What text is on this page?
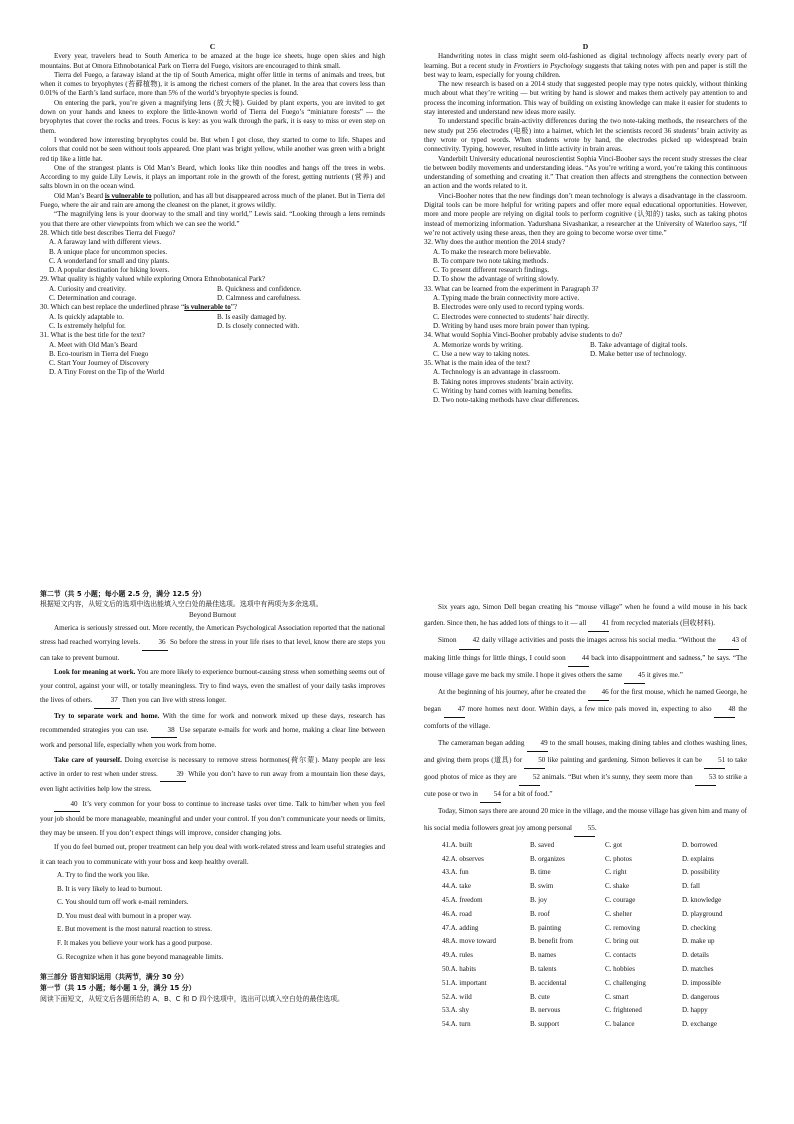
C

Every year, travelers head to South America to be amazed at the huge ice sheets, huge open skies and high mountains. But at Omora Ethnobotanical Park on Tierra del Fuego, visitors are encouraged to think small.

Tierra del Fuego, a faraway island at the tip of South America, might offer little in terms of animals and trees, but when it comes to bryophytes (苔藓植物), it is among the richest corners of the planet. In the area that covers less than 0.01% of the Earth’s land surface, more than 5% of the world’s bryophyte species is found.

On entering the park, you’re given a magnifying lens (放大镜). Guided by plant experts, you are invited to get down on your hands and knees to explore the little-known world of Tierra del Fuego’s “miniature forests” — the bryophytes that cover the rocks and trees. Focus is key: as you walk through the park, it is easy to miss or even step on them.

I wondered how interesting bryophytes could be. But when I got close, they started to come to life. Shapes and colors that could not be seen without tools appeared. One plant was bright yellow, while another was green with a bright red tip like a little hat.

One of the strangest plants is Old Man’s Beard, which looks like thin noodles and hangs off the trees in webs. According to my guide Lily Lewis, it plays an important role in the growth of the forest, getting nutrients (营养) and salts blown in on the ocean wind.

Old Man’s Beard is vulnerable to pollution, and has all but disappeared across much of the planet. But in Tierra del Fuego, where the air and rain are among the cleanest on the planet, it grows wildly.

“The magnifying lens is your doorway to the small and tiny world,” Lewis said. “Looking through a lens reminds you that there are other viewpoints from which we can see the world.”

28. Which title best describes Tierra del Fuego?
A. A faraway land with different views.
B. A unique place for uncommon species.
C. A wonderland for small and tiny plants.
D. A popular destination for hiking lovers.
29. What quality is highly valued while exploring Omora Ethnobotanical Park?
A. Curiosity and creativity.	B. Quickness and confidence.
C. Determination and courage.	D. Calmness and carefulness.
30. Which can best replace the underlined phrase “is vulnerable to”?
A. Is quickly adaptable to.	B. Is easily damaged by.
C. Is extremely helpful for.	D. Is closely connected with.
31. What is the best title for the text?
A. Meet with Old Man’s Beard
B. Eco-tourism in Tierra del Fuego
C. Start Your Journey of Discovery
D. A Tiny Forest on the Tip of the World
D

Handwriting notes in class might seem old-fashioned as digital technology affects nearly every part of learning. But a recent study in Frontiers in Psychology suggests that taking notes with pen and paper is still the best way to learn, especially for young children.

The new research is based on a 2014 study that suggested people may type notes quickly, without thinking much about what they’re writing — but writing by hand is slower and makes them actively pay attention to and process the incoming information. This way of building on existing knowledge can make it easier for students to stay interested and understand new ideas more easily.

To understand specific brain-activity differences during the two note-taking methods, the researchers of the new study put 256 electrodes (电极) into a hairnet, which let the scientists record 36 students’ brain activity as they wrote or typed words. When students wrote by hand, the electrodes picked up widespread brain connectivity. Typing, however, resulted in little activity in brain areas.

Vanderbilt University educational neuroscientist Sophia Vinci-Booher says the recent study stresses the clear tie between bodily movements and understanding ideas. “As you’re writing a word, you’re taking this continuous understanding of something and creating it.” That creation then affects and strengthens the connection between an action and the words related to it.

Vinci-Booher notes that the new findings don’t mean technology is always a disadvantage in the classroom. Digital tools can be more helpful for writing papers and offer more equal educational opportunities. However, more and more people are relying on digital tools to perform cognitive (认知的) tasks, such as taking photos instead of memorizing information. Yadurshana Sivashankar, a researcher at the University of Waterloo says, “If we’re not actively using these areas, then they are going to become worse over time.”

32. Why does the author mention the 2014 study?
A. To make the research more believable.
B. To compare two note taking methods.
C. To present different research findings.
D. To show the advantage of writing slowly.
33. What can be learned from the experiment in Paragraph 3?
A. Typing made the brain connectivity more active.
B. Electrodes were only used to record typing words.
C. Electrodes were connected to students’ hair directly.
D. Writing by hand uses more brain power than typing.
34. What would Sophia Vinci-Booher probably advise students to do?
A. Memorize words by writing.	B. Take advantage of digital tools.
C. Use a new way to taking notes.	D. Make better use of technology.
35. What is the main idea of the text?
A. Technology is an advantage in classroom.
B. Taking notes improves students’ brain activity.
C. Writing by hand comes with learning benefits.
D. Two note-taking methods have clear differences.
第二节（共 5 小题；每小题 2.5 分，满分 12.5 分）
根据短文内容，从短文后的选项中选出能填入空白处的最佳选项。选项中有两项为多余选项。
Beyond Burnout

America is seriously stressed out. More recently, the American Psychological Association reported that the national stress had reached worrying levels. 36 So before the stress in your life rises to that level, know there are steps you can take to prevent burnout.

Look for meaning at work. You are more likely to experience burnout-causing stress when something seems out of your control, against your will, or totally meaningless. Try to find ways, even the smallest of your daily tasks improves the lives of others. 37 Then you can live with stress longer.

Try to separate work and home. With the time for work and nonwork mixed up these days, research has recommended strategies you can use. 38 Use separate e-mails for work and home, making a clear line between work and personal life, especially when you work from home.

Take care of yourself. Doing exercise is necessary to remove stress hormones(荷尔蒙). Many people are less active in order to rest when under stress. 39 While you don’t have to run away from a mountain lion these days, even light activities help low the stress.

40 It’s very common for your boss to continue to increase tasks over time. Talk to him/her when you feel your job should be more manageable, meaningful and under your control. If you don’t communicate your needs or limits, they may be unseen. If you don’t expect things will improve, consider changing jobs.

If you do feel burned out, proper treatment can help you deal with work-related stress and learn useful strategies and it can teach you to communicate with your boss and keep healthy overall.

A. Try to find the work you like.
B. It is very likely to lead to burnout.
C. You should turn off work e-mail reminders.
D. You must deal with burnout in a proper way.
E. But movement is the most natural reaction to stress.
F. It makes you believe your work has a good purpose.
G. Recognize when it has gone beyond manageable limits.
第三部分 语言知识运用（共两节，满分 30 分）
第一节（共 15 小题；每小题 1 分，满分 15 分）
阅读下面短文，从短文后各题所给的 A、B、C 和 D 四个选项中，选出可以填入空白处的最佳选项。

Six years ago, Simon Dell began creating his “mouse village” when he found a wild mouse in his back garden. Since then, he has added lots of things to it — all 41 from recycled materials (回收材料).

Simon 42 daily village activities and posts the images across his social media. “Without the 43 of making little things for little things, I could soon 44 back into disappointment and sadness,” he says. “The mouse village gave me back my smile. I hope it gives others the same 45 it gives me.”

At the beginning of his journey, after he created the 46 for the first mouse, which he named George, he began 47 more homes next door. Within days, a few mice pals moved in, expecting to also 48 the comforts of the village.

The cameraman began adding 49 to the small houses, making dining tables and clothes washing lines, and giving them props (道具) for 50 like painting and gardening. Simon believes it can be 51 to take good photos of mice as they are 52 animals. “But when it’s sunny, they seem more than 53 to strike a cute pose or two in 54 for a bit of food.”

Today, Simon says there are around 20 mice in the village, and the mouse village has given him and many of his social media followers great joy among personal 55.

41.A. built	B. saved	C. got	D. borrowed
42.A. observes	B. organizes	C. photos	D. explains
43.A. fun	B. time	C. right	D. possibility
44.A. take	B. swim	C. shake	D. fall
45.A. freedom	B. joy	C. courage	D. knowledge
46.A. road	B. roof	C. shelter	D. playground
47.A. adding	B. painting	C. removing	D. checking
48.A. move toward	B. benefit from	C. bring out	D. make up
49.A. rules	B. names	C. contacts	D. details
50.A. habits	B. talents	C. hobbies	D. matches
51.A. important	B. accidental	C. challenging	D. impossible
52.A. wild	B. cute	C. smart	D. dangerous
53.A. shy	B. nervous	C. frightened	D. happy
54.A. turn	B. support	C. balance	D. exchange
